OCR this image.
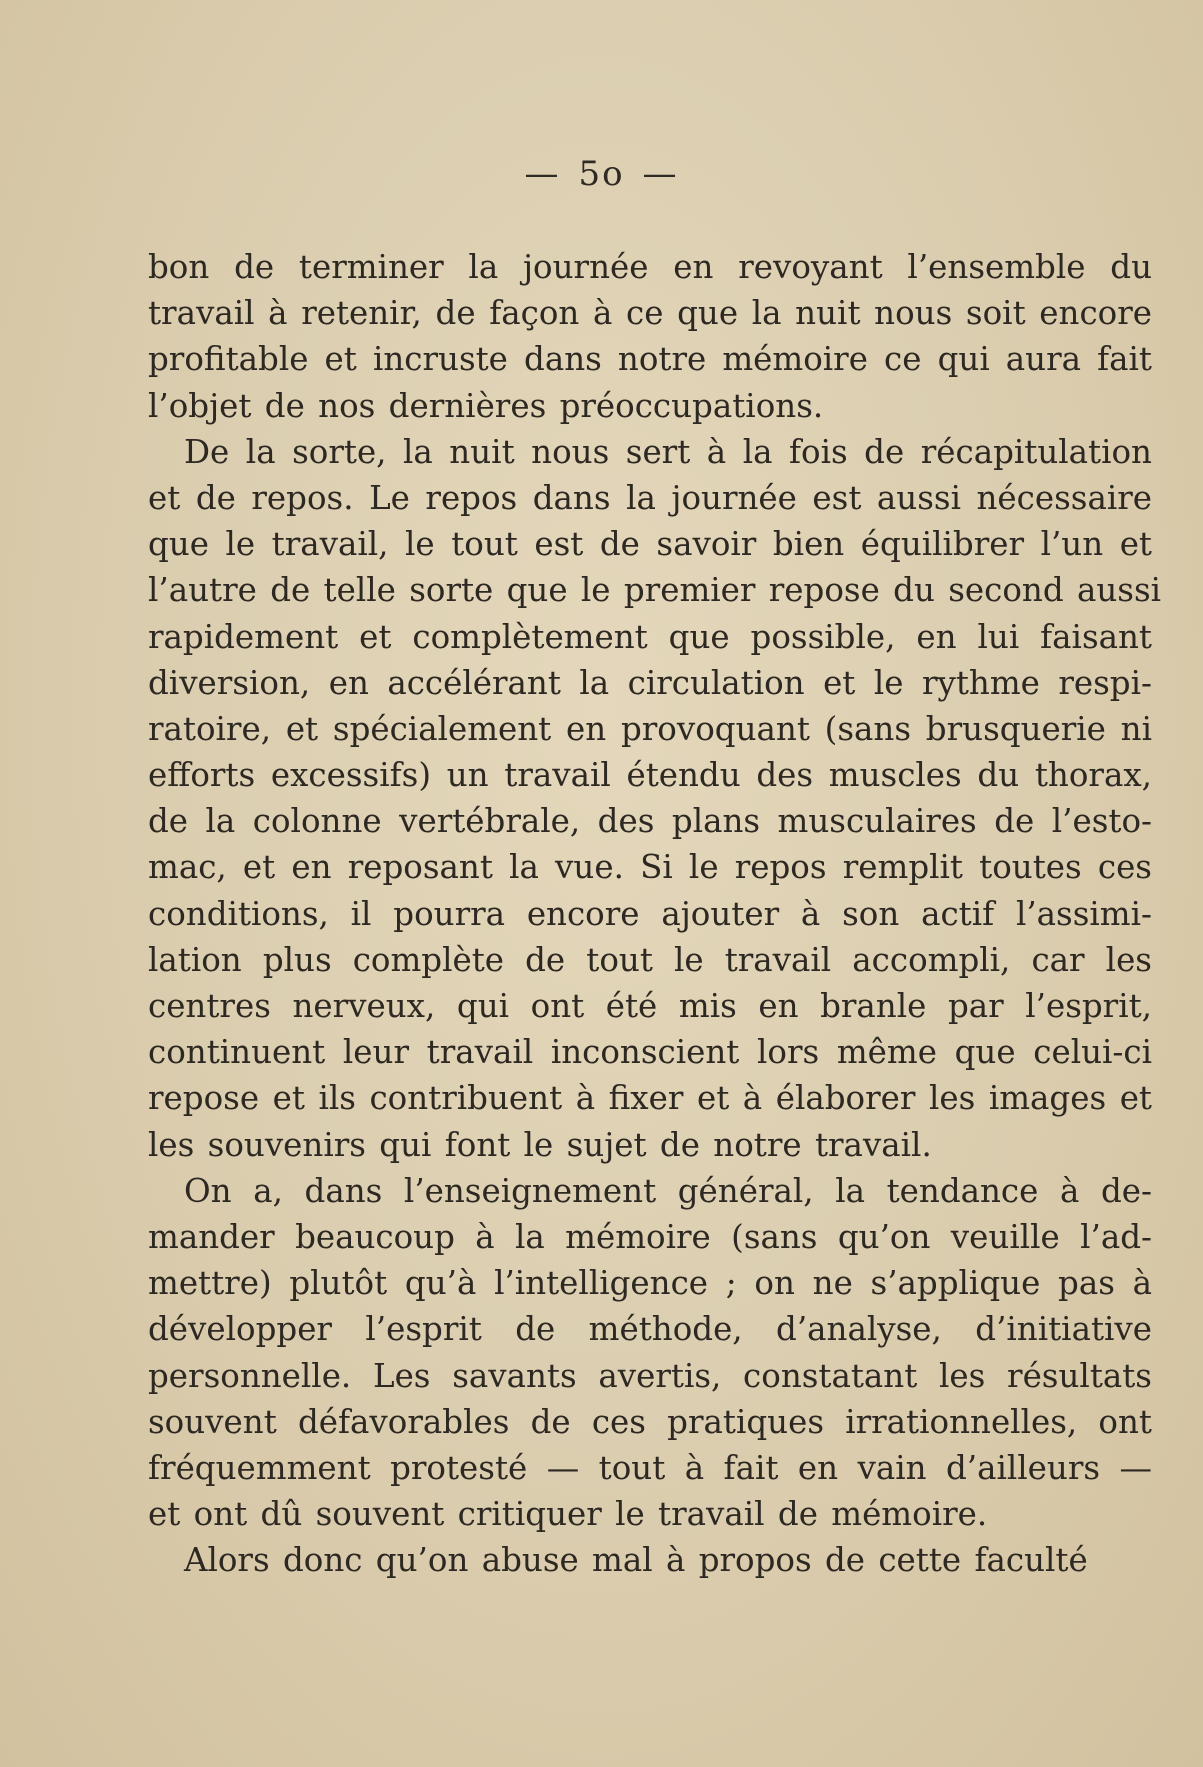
— 5o —
bon de terminer la journée en revoyant l’ensemble du
travail à retenir, de façon à ce que la nuit nous soit encore
profitable et incruste dans notre mémoire ce qui aura fait
l’objet de nos dernières préoccupations.
De la sorte, la nuit nous sert à la fois de récapitulation
et de repos. Le repos dans la journée est aussi nécessaire
que le travail, le tout est de savoir bien équilibrer l’un et
l’autre de telle sorte que le premier repose du second aussi
rapidement et complètement que possible, en lui faisant
diversion, en accélérant la circulation et le rythme respi-
ratoire, et spécialement en provoquant (sans brusquerie ni
efforts excessifs) un travail étendu des muscles du thorax,
de la colonne vertébrale, des plans musculaires de l’esto-
mac, et en reposant la vue. Si le repos remplit toutes ces
conditions, il pourra encore ajouter à son actif l’assimi-
lation plus complète de tout le travail accompli, car les
centres nerveux, qui ont été mis en branle par l’esprit,
continuent leur travail inconscient lors même que celui-ci
repose et ils contribuent à fixer et à élaborer les images et
les souvenirs qui font le sujet de notre travail.
On a, dans l’enseignement général, la tendance à de-
mander beaucoup à la mémoire (sans qu’on veuille l’ad-
mettre) plutôt qu’à l’intelligence ; on ne s’applique pas à
développer l’esprit de méthode, d’analyse, d’initiative
personnelle. Les savants avertis, constatant les résultats
souvent défavorables de ces pratiques irrationnelles, ont
fréquemment protesté — tout à fait en vain d’ailleurs —
et ont dû souvent critiquer le travail de mémoire.
Alors donc qu’on abuse mal à propos de cette faculté
